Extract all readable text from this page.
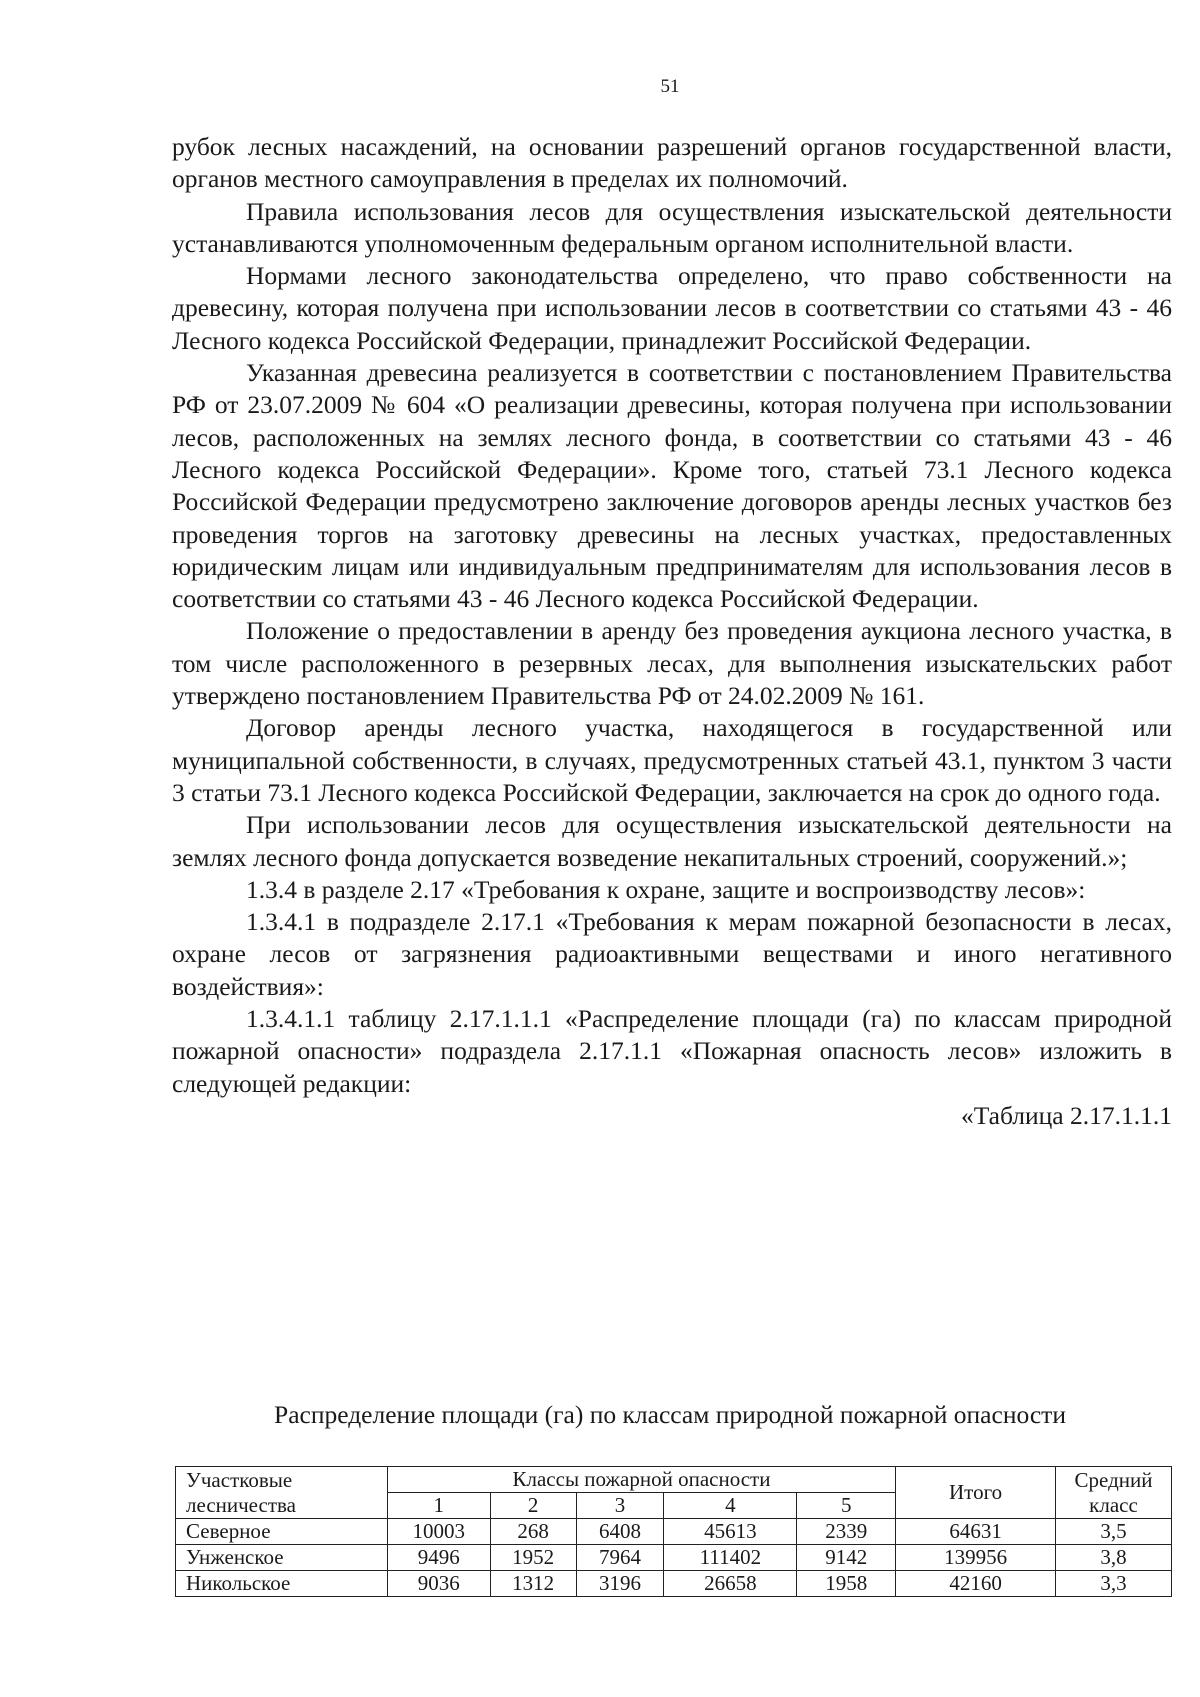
51

рубок лесных насаждений, на основании разрешений органов государственной власти, органов местного самоуправления в пределах их полномочий.

Правила использования лесов для осуществления изыскательской деятельности устанавливаются уполномоченным федеральным органом исполнительной власти.

Нормами лесного законодательства определено, что право собственности на древесину, которая получена при использовании лесов в соответствии со статьями 43 - 46 Лесного кодекса Российской Федерации, принадлежит Российской Федерации.

Указанная древесина реализуется в соответствии с постановлением Правительства РФ от 23.07.2009 № 604 «О реализации древесины, которая получена при использовании лесов, расположенных на землях лесного фонда, в соответствии со статьями 43 - 46 Лесного кодекса Российской Федерации». Кроме того, статьей 73.1 Лесного кодекса Российской Федерации предусмотрено заключение договоров аренды лесных участков без проведения торгов на заготовку древесины на лесных участках, предоставленных юридическим лицам или индивидуальным предпринимателям для использования лесов в соответствии со статьями 43 - 46 Лесного кодекса Российской Федерации.

Положение о предоставлении в аренду без проведения аукциона лесного участка, в том числе расположенного в резервных лесах, для выполнения изыскательских работ утверждено постановлением Правительства РФ от 24.02.2009 № 161.

Договор аренды лесного участка, находящегося в государственной или муниципальной собственности, в случаях, предусмотренных статьей 43.1, пунктом 3 части 3 статьи 73.1 Лесного кодекса Российской Федерации, заключается на срок до одного года.

При использовании лесов для осуществления изыскательской деятельности на землях лесного фонда допускается возведение некапитальных строений, сооружений.»;

1.3.4 в разделе 2.17 «Требования к охране, защите и воспроизводству лесов»:

1.3.4.1 в подразделе 2.17.1 «Требования к мерам пожарной безопасности в лесах, охране лесов от загрязнения радиоактивными веществами и иного негативного воздействия»:

1.3.4.1.1 таблицу 2.17.1.1.1 «Распределение площади (га) по классам природной пожарной опасности» подраздела 2.17.1.1 «Пожарная опасность лесов» изложить в следующей редакции:

«Таблица 2.17.1.1.1

Распределение площади (га) по классам природной пожарной опасности
Участковые лесничества	Классы пожарной опасности					Итого	Средний класс
	1	2	3	4	5		
Северное	10003	268	6408	45613	2339	64631	3,5
Унженское	9496	1952	7964	111402	9142	139956	3,8
Никольское	9036	1312	3196	26658	1958	42160	3,3
